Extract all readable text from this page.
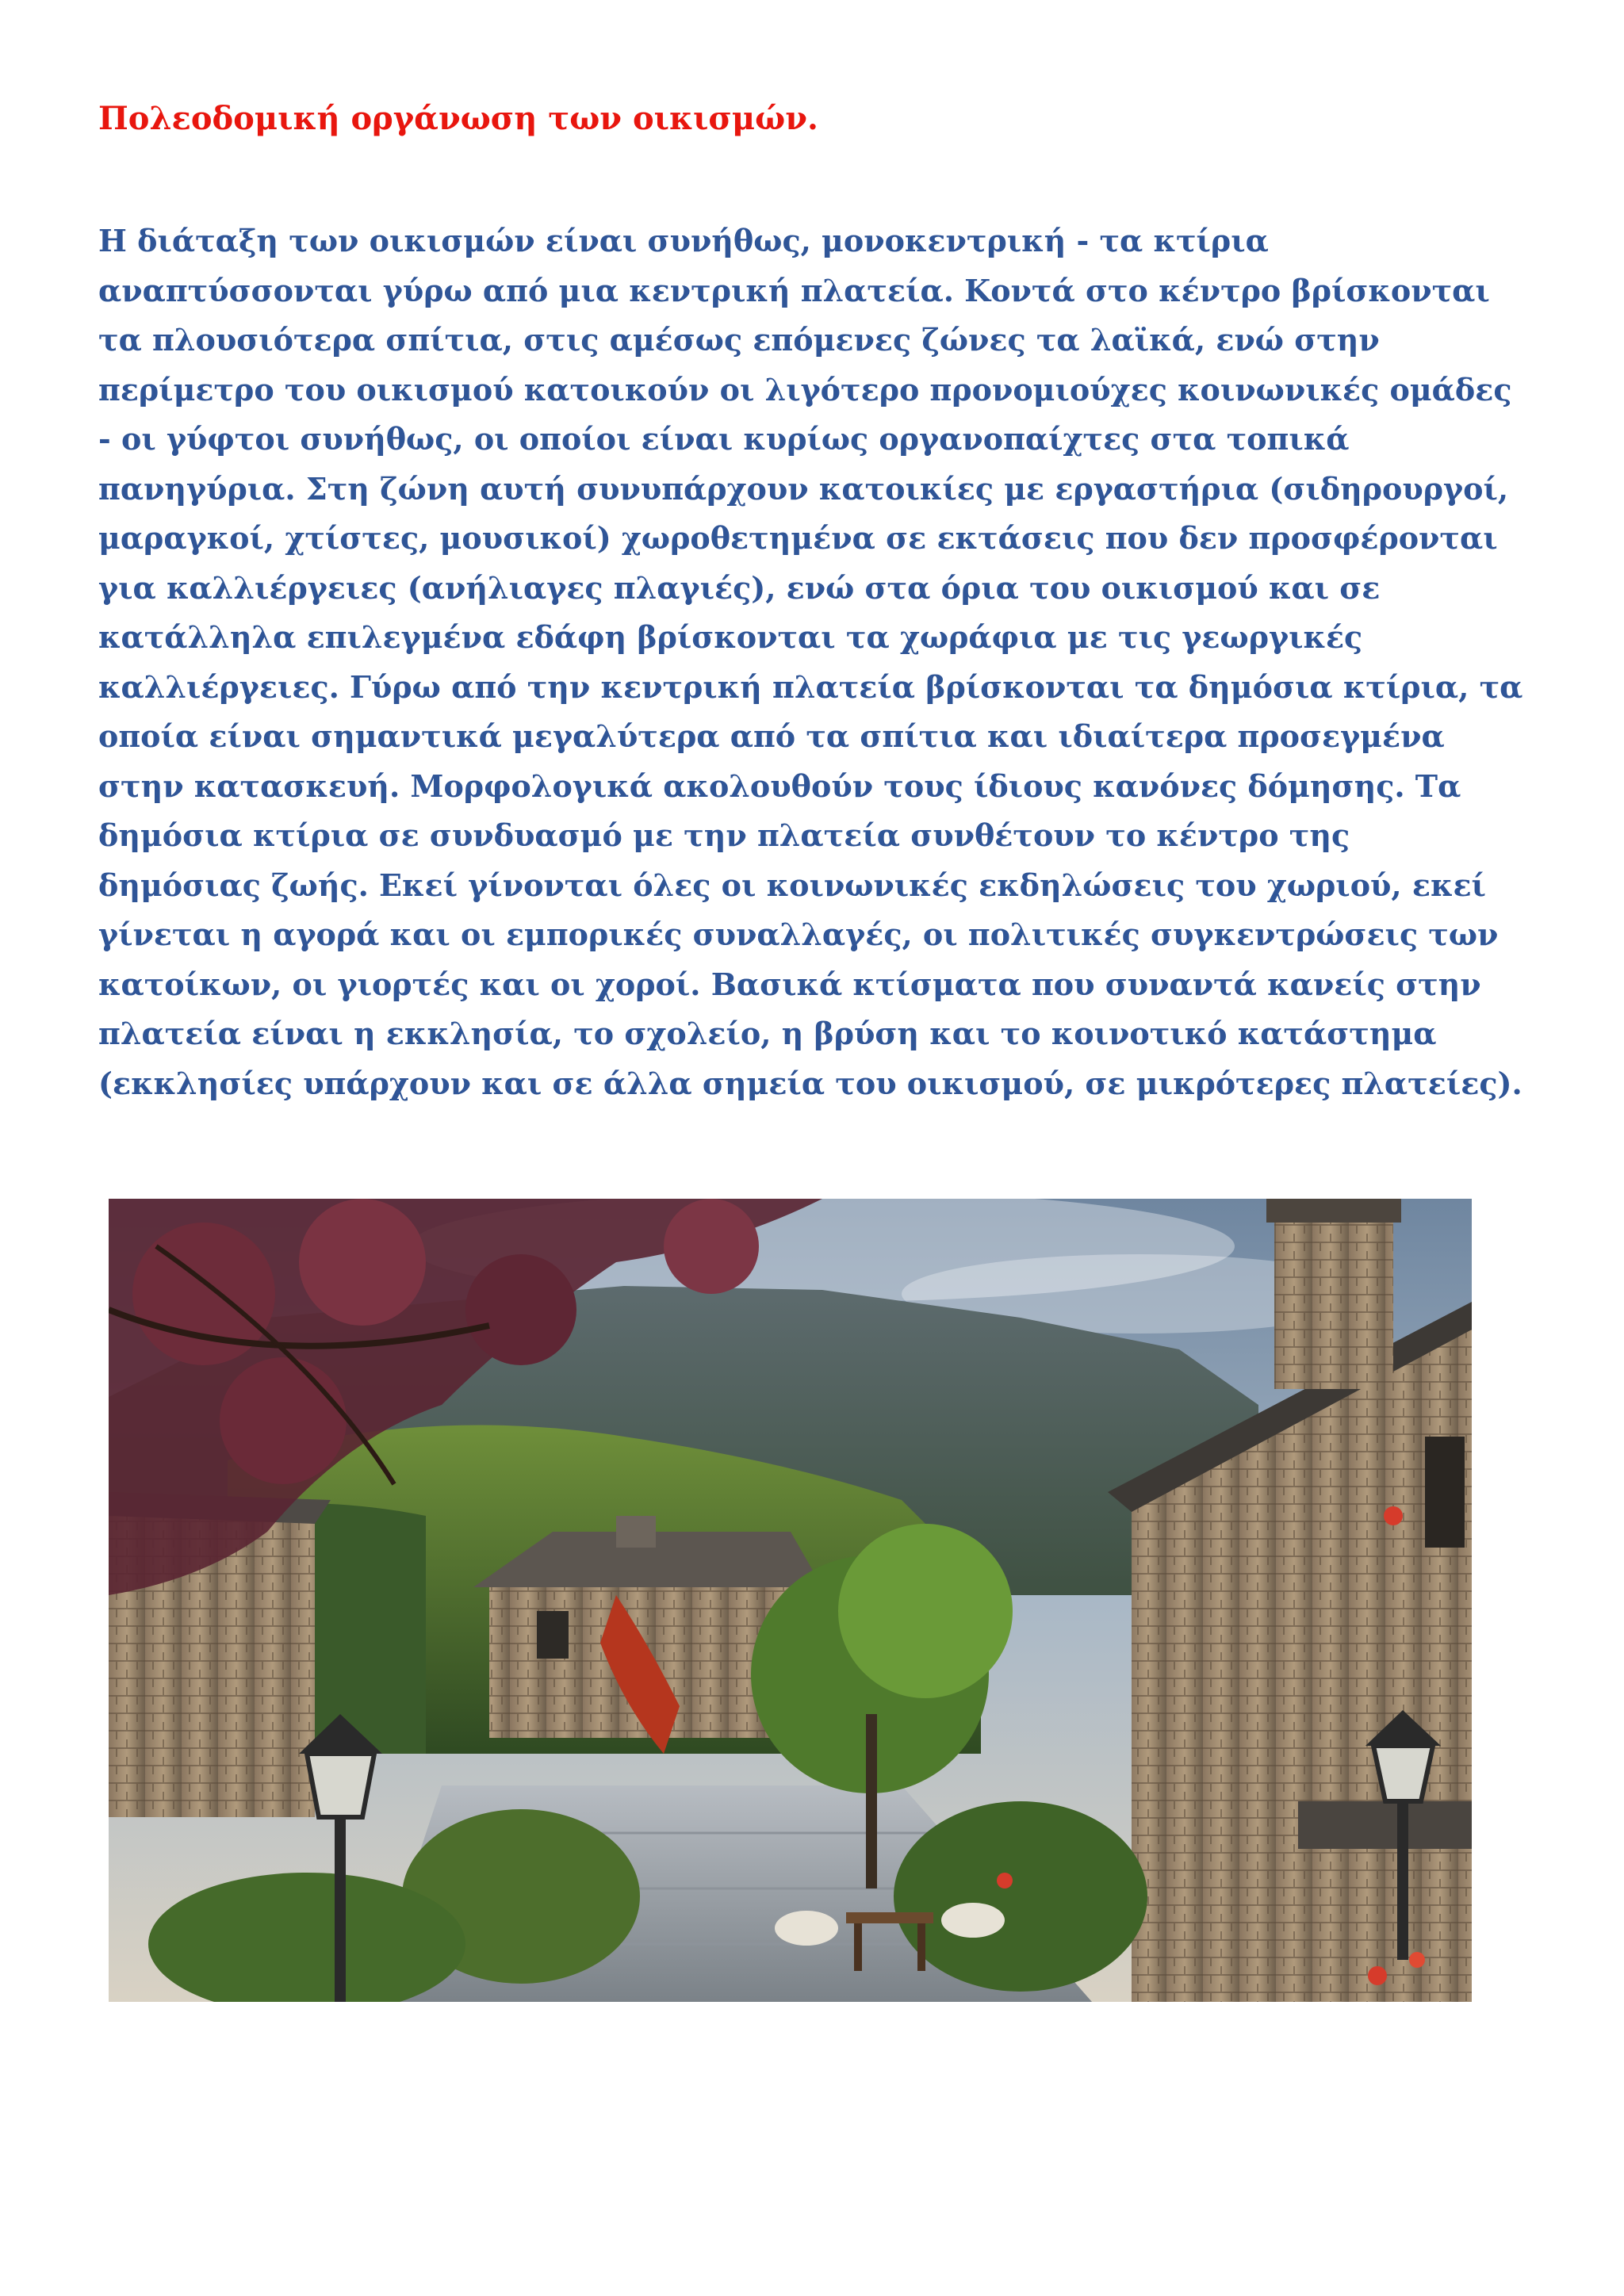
Πολεοδομική οργάνωση των οικισμών.

Η διάταξη των οικισμών είναι συνήθως, μονοκεντρική - τα κτίρια
αναπτύσσονται γύρω από μια κεντρική πλατεία. Κοντά στο κέντρο βρίσκονται
τα πλουσιότερα σπίτια, στις αμέσως επόμενες ζώνες τα λαϊκά, ενώ στην
περίμετρο του οικισμού κατοικούν οι λιγότερο προνομιούχες κοινωνικές ομάδες
- οι γύφτοι συνήθως, οι οποίοι είναι κυρίως οργανοπαίχτες στα τοπικά
πανηγύρια. Στη ζώνη αυτή συνυπάρχουν κατοικίες με εργαστήρια (σιδηρουργοί,
μαραγκοί, χτίστες, μουσικοί) χωροθετημένα σε εκτάσεις που δεν προσφέρονται
για καλλιέργειες (ανήλιαγες πλαγιές), ενώ στα όρια του οικισμού και σε
κατάλληλα επιλεγμένα εδάφη βρίσκονται τα χωράφια με τις γεωργικές
καλλιέργειες. Γύρω από την κεντρική πλατεία βρίσκονται τα δημόσια κτίρια, τα
οποία είναι σημαντικά μεγαλύτερα από τα σπίτια και ιδιαίτερα προσεγμένα
στην κατασκευή. Μορφολογικά ακολουθούν τους ίδιους κανόνες δόμησης. Τα
δημόσια κτίρια σε συνδυασμό με την πλατεία συνθέτουν το κέντρο της
δημόσιας ζωής. Εκεί γίνονται όλες οι κοινωνικές εκδηλώσεις του χωριού, εκεί
γίνεται η αγορά και οι εμπορικές συναλλαγές, οι πολιτικές συγκεντρώσεις των
κατοίκων, οι γιορτές και οι χοροί. Βασικά κτίσματα που συναντά κανείς στην
πλατεία είναι η εκκλησία, το σχολείο, η βρύση και το κοινοτικό κατάστημα
(εκκλησίες υπάρχουν και σε άλλα σημεία του οικισμού, σε μικρότερες πλατείες).
